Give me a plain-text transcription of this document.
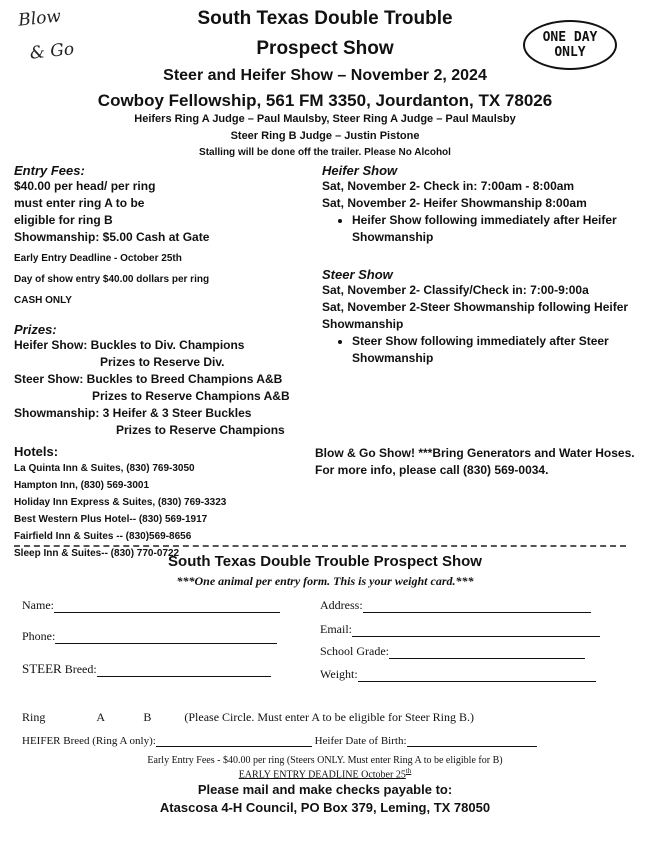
Blow
& Go
ONE DAY
ONLY
South Texas Double Trouble
Prospect Show
Steer and Heifer Show – November 2, 2024
Cowboy Fellowship, 561 FM 3350, Jourdanton, TX 78026
Heifers Ring A Judge – Paul Maulsby, Steer Ring A Judge – Paul Maulsby
Steer Ring B Judge – Justin Pistone
Stalling will be done off the trailer. Please No Alcohol
Entry Fees:
$40.00 per head/ per ring
must enter ring A to be
eligible for ring B
Showmanship: $5.00 Cash at Gate
Early Entry Deadline - October 25th
Day of show entry $40.00 dollars per ring
CASH ONLY
Prizes:
Heifer Show: Buckles to Div. Champions
Prizes to Reserve Div.
Steer Show: Buckles to Breed Champions A&B
Prizes to Reserve Champions A&B
Showmanship: 3 Heifer & 3 Steer Buckles
Prizes to Reserve Champions
Hotels:
La Quinta Inn & Suites, (830) 769-3050
Hampton Inn, (830) 569-3001
Holiday Inn Express & Suites, (830) 769-3323
Best Western Plus Hotel-- (830) 569-1917
Fairfield Inn & Suites -- (830)569-8656
Sleep Inn & Suites-- (830) 770-0722
Heifer Show
Sat, November 2- Check in: 7:00am - 8:00am
Sat, November 2- Heifer Showmanship 8:00am
• Heifer Show following immediately after Heifer Showmanship
Steer Show
Sat, November 2- Classify/Check in: 7:00-9:00a
Sat, November 2-Steer Showmanship following Heifer Showmanship
• Steer Show following immediately after Steer Showmanship
Blow & Go Show! ***Bring Generators and Water Hoses. For more info, please call (830) 569-0034.
South Texas Double Trouble Prospect Show
***One animal per entry form. This is your weight card.***
Name:
Phone:
STEER Breed:
Address:
Email:
School Grade:
Weight:
Ring	A	B	(Please Circle. Must enter A to be eligible for Steer Ring B.)
HEIFER Breed (Ring A only):	Heifer Date of Birth:
Early Entry Fees - $40.00 per ring (Steers ONLY. Must enter Ring A to be eligible for B)
EARLY ENTRY DEADLINE October 25th
Please mail and make checks payable to:
Atascosa 4-H Council, PO Box 379, Leming, TX 78050
